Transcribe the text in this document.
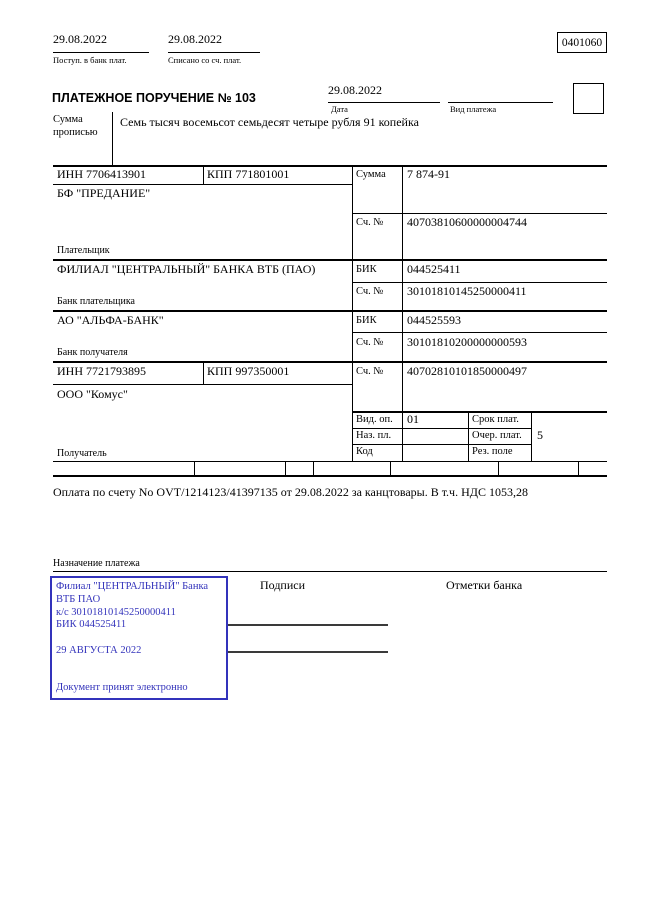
29.08.2022
Поступ. в банк плат.
29.08.2022
Списано со сч. плат.
0401060
ПЛАТЕЖНОЕ ПОРУЧЕНИЕ № 103
29.08.2022
Дата	Вид платежа
Сумма
прописью
Семь тысяч восемьсот семьдесят четыре рубля 91 копейка
ИНН 7706413901	КПП 771801001	Сумма 7 874-91
БФ "ПРЕДАНИЕ"
Сч. № 40703810600000004744
Плательщик
ФИЛИАЛ "ЦЕНТРАЛЬНЫЙ" БАНКА ВТБ (ПАО)	БИК	044525411
Сч. № 30101810145250000411
Банк плательщика
АО "АЛЬФА-БАНК"	БИК	044525593
Сч. № 30101810200000000593
Банк получателя
ИНН 7721793895	КПП 997350001	Сч. № 40702810101850000497
ООО "Комус"
Получатель
Вид. оп. 01	Срок плат.
Наз. пл.	Очер. плат. 5
Код	Рез. поле
Оплата по счету No OVT/1214123/41397135 от 29.08.2022 за канцтовары. В т.ч. НДС 1053,28
Назначение платежа
Филиал "ЦЕНТРАЛЬНЫЙ" Банка
ВТБ ПАО
к/с 30101810145250000411
БИК 044525411
29 АВГУСТА 2022
Документ принят электронно
Подписи	Отметки банка
